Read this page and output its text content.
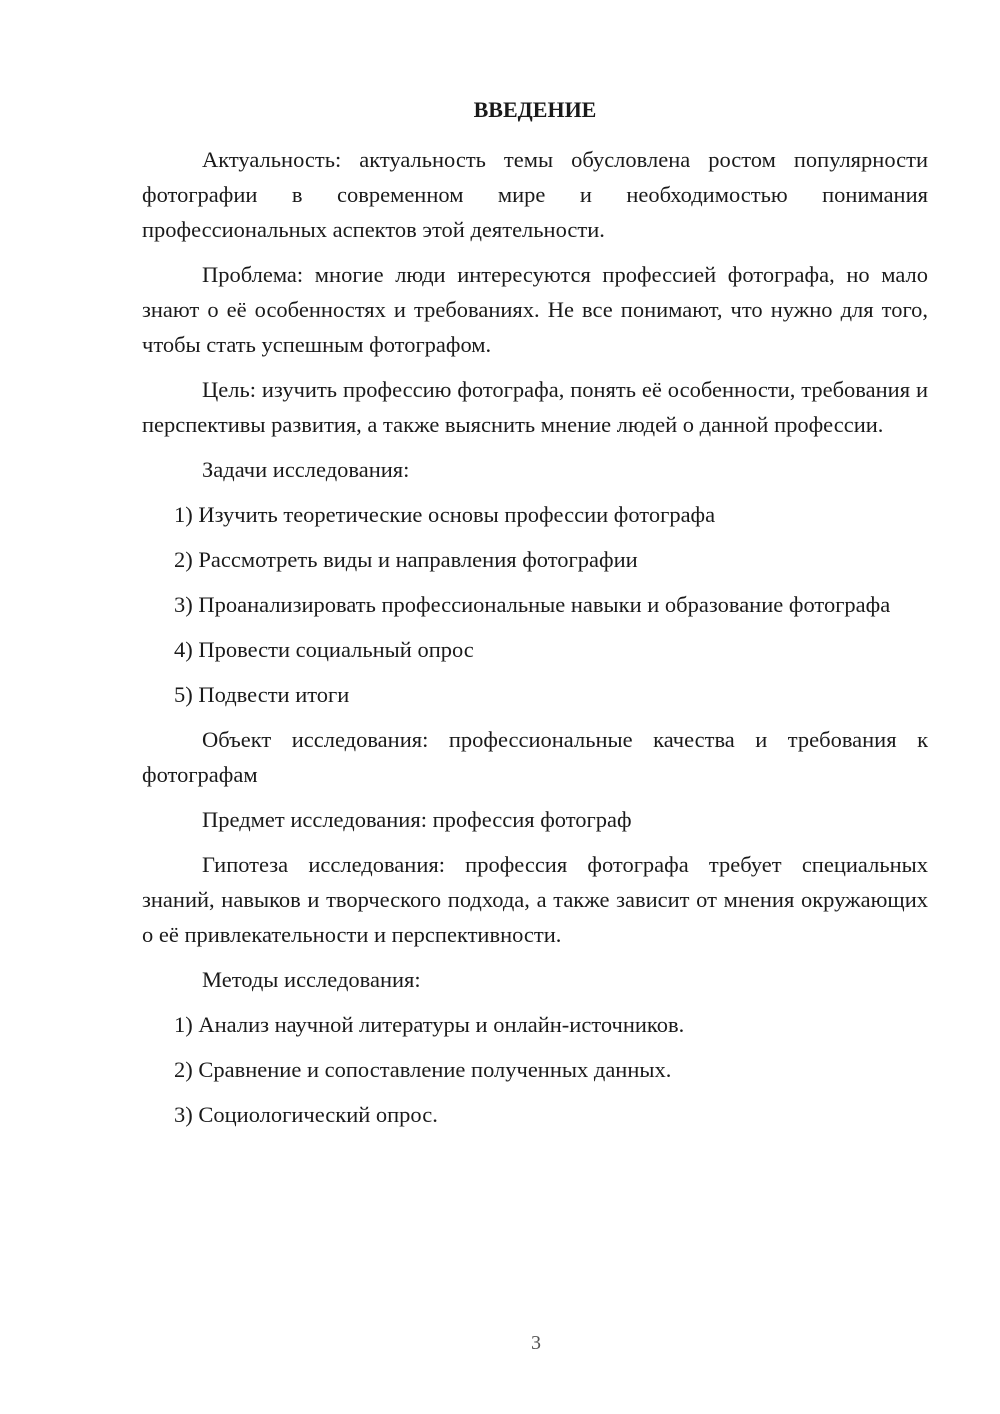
ВВЕДЕНИЕ

Актуальность: актуальность темы обусловлена ростом популярности фотографии в современном мире и необходимостью понимания профессиональных аспектов этой деятельности.

Проблема: многие люди интересуются профессией фотографа, но мало знают о её особенностях и требованиях. Не все понимают, что нужно для того, чтобы стать успешным фотографом.

Цель: изучить профессию фотографа, понять её особенности, требования и перспективы развития, а также выяснить мнение людей о данной профессии.

Задачи исследования:

1) Изучить теоретические основы профессии фотографа

2) Рассмотреть виды и направления фотографии

3) Проанализировать профессиональные навыки и образование фотографа

4) Провести социальный опрос

5) Подвести итоги

Объект исследования: профессиональные качества и требования к фотографам

Предмет исследования: профессия фотограф

Гипотеза исследования: профессия фотографа требует специальных знаний, навыков и творческого подхода, а также зависит от мнения окружающих о её привлекательности и перспективности.

Методы исследования:

1) Анализ научной литературы и онлайн-источников.

2) Сравнение и сопоставление полученных данных.

3) Социологический опрос.

3
